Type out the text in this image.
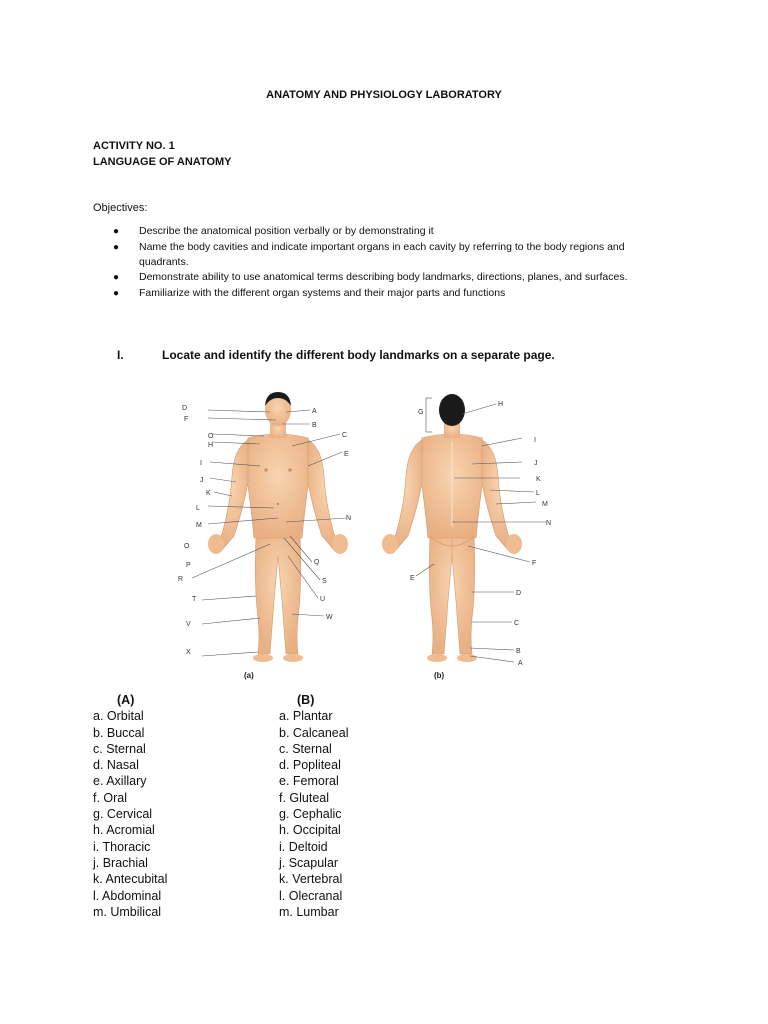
ANATOMY AND PHYSIOLOGY LABORATORY
ACTIVITY NO. 1
LANGUAGE OF ANATOMY
Objectives:
● Describe the anatomical position verbally or by demonstrating it
● Name the body cavities and indicate important organs in each cavity by referring to the body regions and quadrants.
● Demonstrate ability to use anatomical terms describing body landmarks, directions, planes, and surfaces.
● Familiarize with the different organ systems and their major parts and functions
I.	Locate and identify the different body landmarks on a separate page.
D
F
O
H
I
J
K
L
M
O
P
R
T
V
X
A
B
C
E
N
Q
S
U
W
(a)
G
E
H
I
J
K
L
M
N
F
D
C
B
A
(b)
(A)
a. Orbital
b. Buccal
c. Sternal
d. Nasal
e. Axillary
f. Oral
g. Cervical
h. Acromial
i. Thoracic
j. Brachial
k. Antecubital
l. Abdominal
m. Umbilical
(B)
a. Plantar
b. Calcaneal
c. Sternal
d. Popliteal
e. Femoral
f. Gluteal
g. Cephalic
h. Occipital
i. Deltoid
j. Scapular
k. Vertebral
l. Olecranal
m. Lumbar
